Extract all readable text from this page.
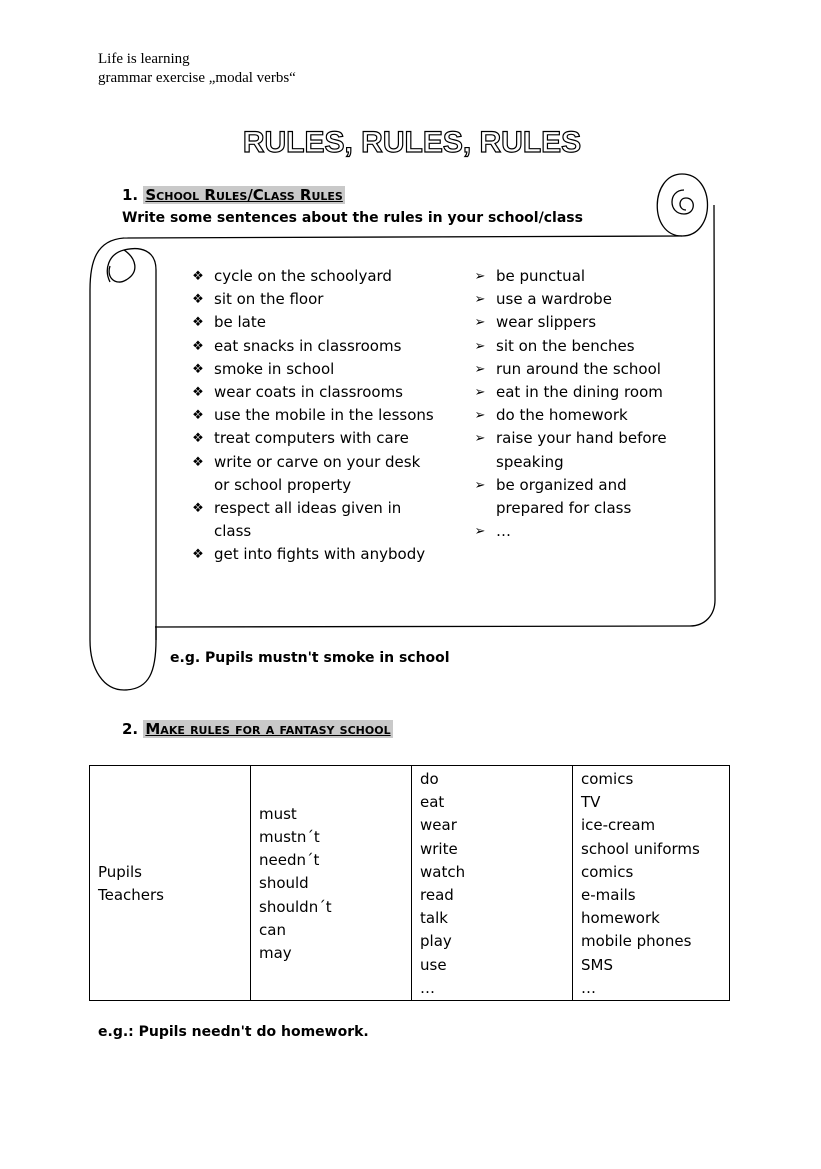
Life is learning
grammar exercise „modal verbs“
RULES, RULES, RULES
1. School Rules/Class Rules
Write some sentences about the rules in your school/class
❖ cycle on the schoolyard
❖ sit on the floor
❖ be late
❖ eat snacks in classrooms
❖ smoke in school
❖ wear coats in classrooms
❖ use the mobile in the lessons
❖ treat computers with care
❖ write or carve on your desk or school property
❖ respect all ideas given in class
❖ get into fights with anybody
➢ be punctual
➢ use a wardrobe
➢ wear slippers
➢ sit on the benches
➢ run around the school
➢ eat in the dining room
➢ do the homework
➢ raise your hand before speaking
➢ be organized and prepared for class
➢ …
e.g. Pupils mustn't smoke in school
2. Make rules for a fantasy school
Pupils
Teachers

must
mustn´t
needn´t
should
shouldn´t
can
may

do
eat
wear
write
watch
read
talk
play
use
…

comics
TV
ice-cream
school uniforms
comics
e-mails
homework
mobile phones
SMS
…
e.g.: Pupils needn't do homework.
